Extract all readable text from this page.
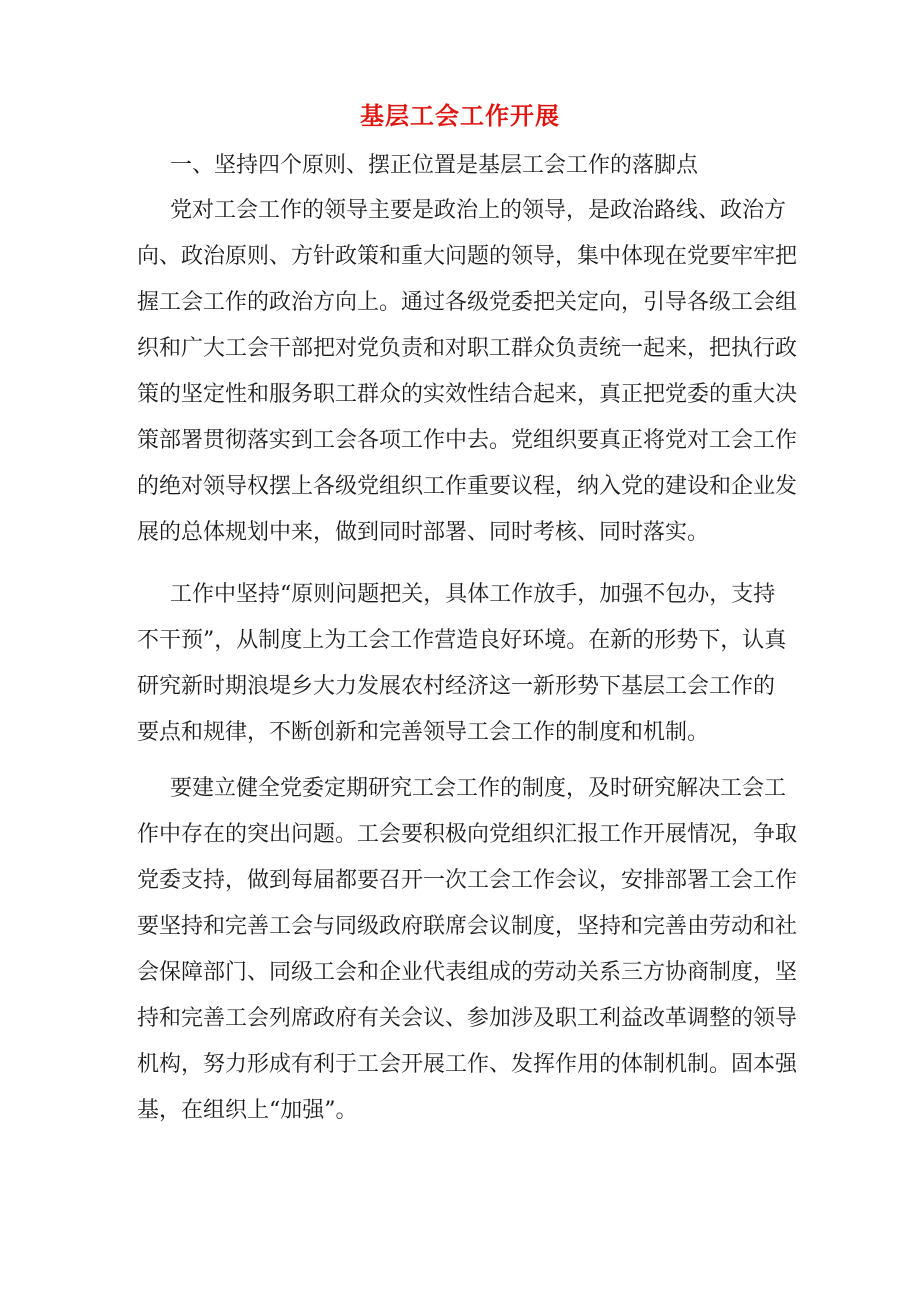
基层工会工作开展
一、坚持四个原则、摆正位置是基层工会工作的落脚点
党对工会工作的领导主要是政治上的领导，是政治路线、政治方
向、政治原则、方针政策和重大问题的领导，集中体现在党要牢牢把
握工会工作的政治方向上。通过各级党委把关定向，引导各级工会组
织和广大工会干部把对党负责和对职工群众负责统一起来，把执行政
策的坚定性和服务职工群众的实效性结合起来，真正把党委的重大决
策部署贯彻落实到工会各项工作中去。党组织要真正将党对工会工作
的绝对领导权摆上各级党组织工作重要议程，纳入党的建设和企业发
展的总体规划中来，做到同时部署、同时考核、同时落实。
工作中坚持“原则问题把关，具体工作放手，加强不包办，支持
不干预”，从制度上为工会工作营造良好环境。在新的形势下，认真
研究新时期浪堤乡大力发展农村经济这一新形势下基层工会工作的
要点和规律，不断创新和完善领导工会工作的制度和机制。
要建立健全党委定期研究工会工作的制度，及时研究解决工会工
作中存在的突出问题。工会要积极向党组织汇报工作开展情况，争取
党委支持，做到每届都要召开一次工会工作会议，安排部署工会工作
要坚持和完善工会与同级政府联席会议制度，坚持和完善由劳动和社
会保障部门、同级工会和企业代表组成的劳动关系三方协商制度，坚
持和完善工会列席政府有关会议、参加涉及职工利益改革调整的领导
机构，努力形成有利于工会开展工作、发挥作用的体制机制。固本强
基，在组织上“加强”。
